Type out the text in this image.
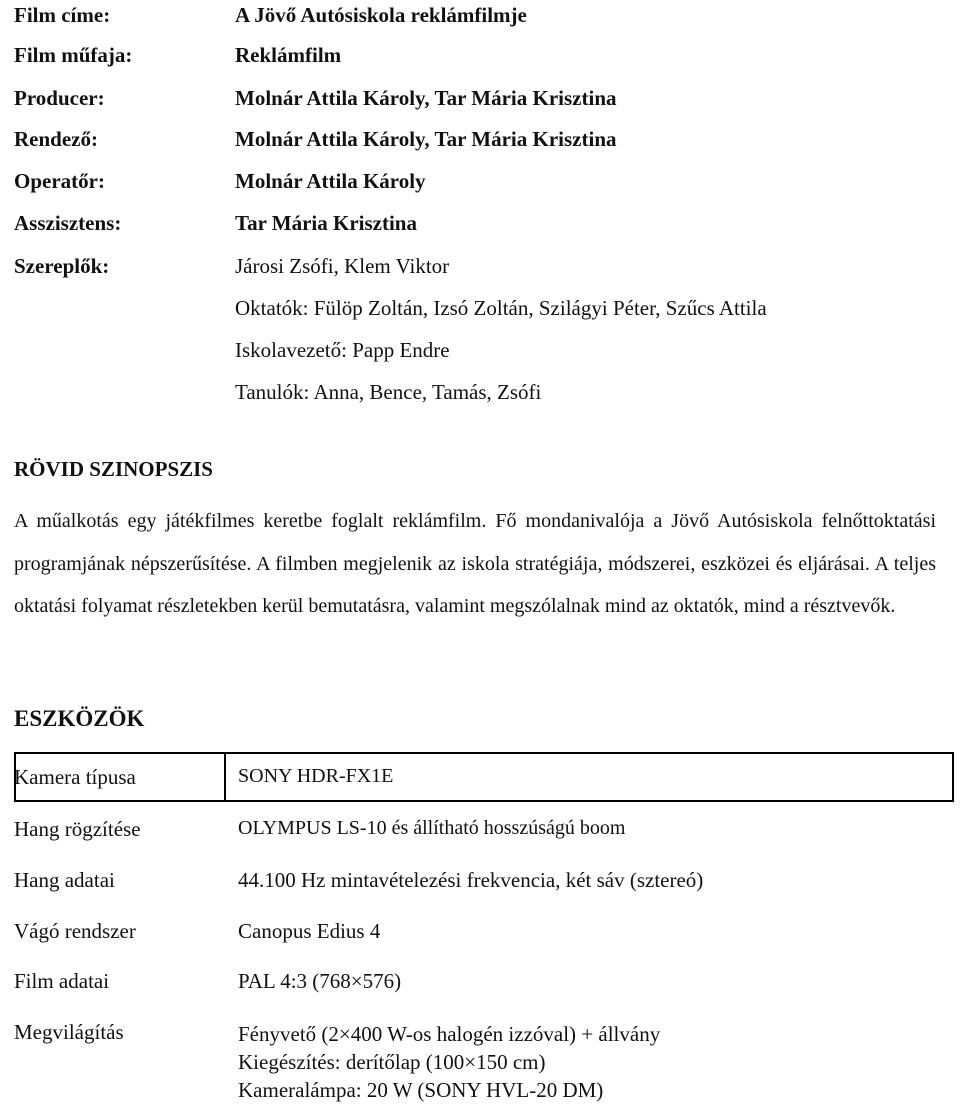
Film címe:	A Jövő Autósiskola reklámfilmje
Film műfaja:	Reklámfilm
Producer:	Molnár Attila Károly, Tar Mária Krisztina
Rendező:	Molnár Attila Károly, Tar Mária Krisztina
Operatőr:	Molnár Attila Károly
Asszisztens:	Tar Mária Krisztina
Szereplők:	Járosi Zsófi, Klem Viktor
Oktatók: Fülöp Zoltán, Izsó Zoltán, Szilágyi Péter, Szűcs Attila
Iskolavezető: Papp Endre
Tanulók: Anna, Bence, Tamás, Zsófi
RÖVID SZINOPSZIS

A műalkotás egy játékfilmes keretbe foglalt reklámfilm. Fő mondanivalója a Jövő Autósiskola felnőttoktatási programjának népszerűsítése. A filmben megjelenik az iskola stratégiája, módszerei, eszközei és eljárásai. A teljes oktatási folyamat részletekben kerül bemutatásra, valamint megszólalnak mind az oktatók, mind a résztvevők.

ESZKÖZÖK
Kamera típusa	SONY HDR-FX1E
Hang rögzítése	OLYMPUS LS-10 és állítható hosszúságú boom
Hang adatai	44.100 Hz mintavételezési frekvencia, két sáv (sztereó)
Vágó rendszer	Canopus Edius 4
Film adatai	PAL 4:3 (768×576)
Megvilágítás	Fényvető (2×400 W-os halogén izzóval) + állvány
Kiegészítés: derítőlap (100×150 cm)
Kameralámpa: 20 W (SONY HVL-20 DM)
